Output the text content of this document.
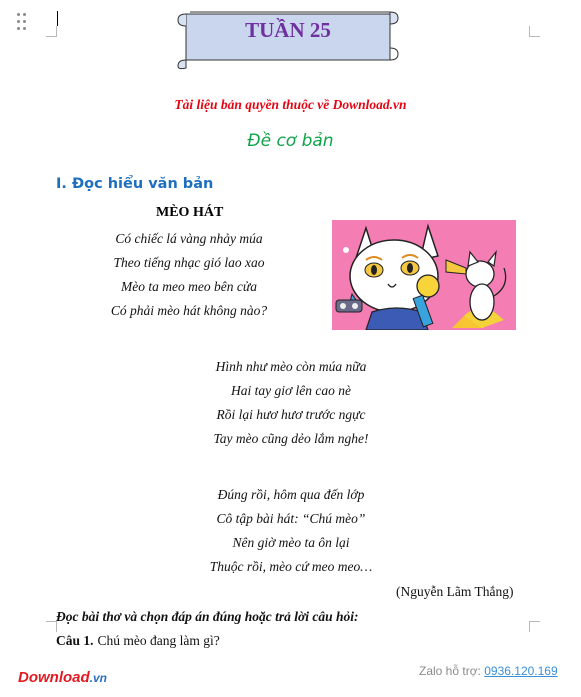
TUẦN 25
Tài liệu bản quyền thuộc về Download.vn
Đề cơ bản
I. Đọc hiểu văn bản
MÈO HÁT
Có chiếc lá vàng nhảy múa
Theo tiếng nhạc gió lao xao
Mèo ta meo meo bên cửa
Có phải mèo hát không nào?
Hình như mèo còn múa nữa
Hai tay giơ lên cao nè
Rồi lại hươ hươ trước ngực
Tay mèo cũng dẻo lắm nghe!
Đúng rồi, hôm qua đến lớp
Cô tập bài hát: “Chú mèo”
Nên giờ mèo ta ôn lại
Thuộc rồi, mèo cứ meo meo…
(Nguyễn Lãm Thắng)
Đọc bài thơ và chọn đáp án đúng hoặc trả lời câu hỏi:
Câu 1. Chú mèo đang làm gì?
Download.vn	Zalo hỗ trợ: 0936.120.169
